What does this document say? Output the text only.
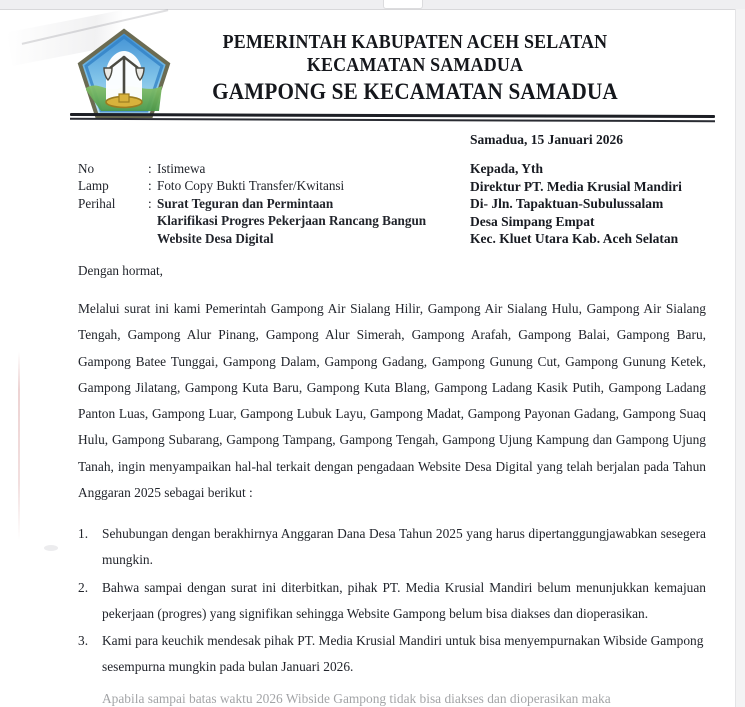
PEMERINTAH KABUPATEN ACEH SELATAN
KECAMATAN SAMADUA
GAMPONG SE KECAMATAN SAMADUA
Samadua, 15 Januari 2026
Kepada, Yth
Direktur PT. Media Krusial Mandiri
Di- Jln. Tapaktuan-Subulussalam
Desa Simpang Empat
Kec. Kluet Utara Kab. Aceh Selatan
No	: Istimewa
Lamp	: Foto Copy Bukti Transfer/Kwitansi
Perihal	: Surat Teguran dan Permintaan
Klarifikasi Progres Pekerjaan Rancang Bangun
Website Desa Digital
Dengan hormat,
Melalui surat ini kami Pemerintah Gampong Air Sialang Hilir, Gampong Air Sialang Hulu, Gampong Air Sialang Tengah, Gampong Alur Pinang, Gampong Alur Simerah, Gampong Arafah, Gampong Balai, Gampong Baru, Gampong Batee Tunggai, Gampong Dalam, Gampong Gadang, Gampong Gunung Cut, Gampong Gunung Ketek, Gampong Jilatang, Gampong Kuta Baru, Gampong Kuta Blang, Gampong Ladang Kasik Putih, Gampong Ladang Panton Luas, Gampong Luar, Gampong Lubuk Layu, Gampong Madat, Gampong Payonan Gadang, Gampong Suaq Hulu, Gampong Subarang, Gampong Tampang, Gampong Tengah, Gampong Ujung Kampung dan Gampong Ujung Tanah, ingin menyampaikan hal-hal terkait dengan pengadaan Website Desa Digital yang telah berjalan pada Tahun Anggaran 2025 sebagai berikut :
1.	Sehubungan dengan berakhirnya Anggaran Dana Desa Tahun 2025 yang harus dipertanggungjawabkan sesegera mungkin.
2.	Bahwa sampai dengan surat ini diterbitkan, pihak PT. Media Krusial Mandiri belum menunjukkan kemajuan pekerjaan (progres) yang signifikan sehingga Website Gampong belum bisa diakses dan dioperasikan.
3.	Kami para keuchik mendesak pihak PT. Media Krusial Mandiri untuk bisa menyempurnakan Wibside Gampong sesempurna mungkin pada bulan Januari 2026.
Apabila sampai batas waktu 2026 Wibside Gampong tidak bisa diakses dan dioperasikan maka
